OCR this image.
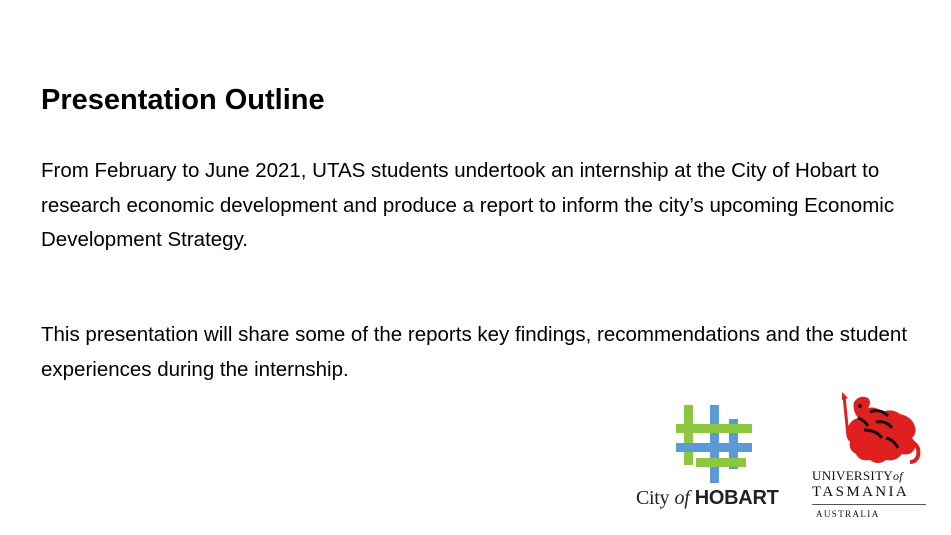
Presentation Outline

From February to June 2021, UTAS students undertook an internship at the City of Hobart to research economic development and produce a report to inform the city’s upcoming Economic Development Strategy.

This presentation will share some of the reports key findings, recommendations and the student experiences during the internship.

City of HOBART
UNIVERSITYof
TASMANIA
AUSTRALIA
